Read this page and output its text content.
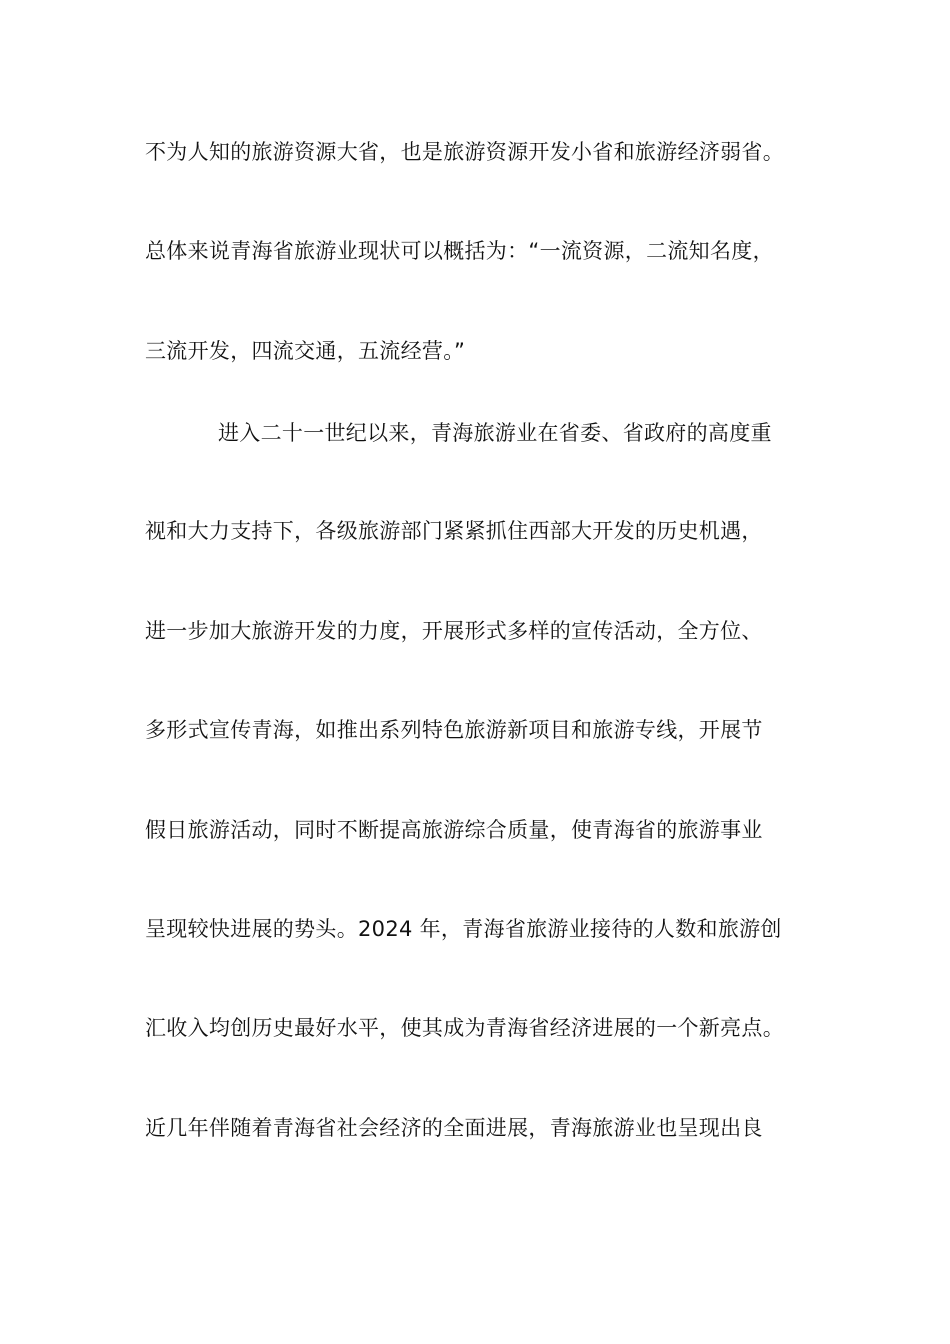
不为人知的旅游资源大省，也是旅游资源开发小省和旅游经济弱省。
总体来说青海省旅游业现状可以概括为：“一流资源，二流知名度，
三流开发，四流交通，五流经营。”
进入二十一世纪以来，青海旅游业在省委、省政府的高度重
视和大力支持下，各级旅游部门紧紧抓住西部大开发的历史机遇，
进一步加大旅游开发的力度，开展形式多样的宣传活动，全方位、
多形式宣传青海，如推出系列特色旅游新项目和旅游专线，开展节
假日旅游活动，同时不断提高旅游综合质量，使青海省的旅游事业
呈现较快进展的势头。2024 年，青海省旅游业接待的人数和旅游创
汇收入均创历史最好水平，使其成为青海省经济进展的一个新亮点。
近几年伴随着青海省社会经济的全面进展，青海旅游业也呈现出良
